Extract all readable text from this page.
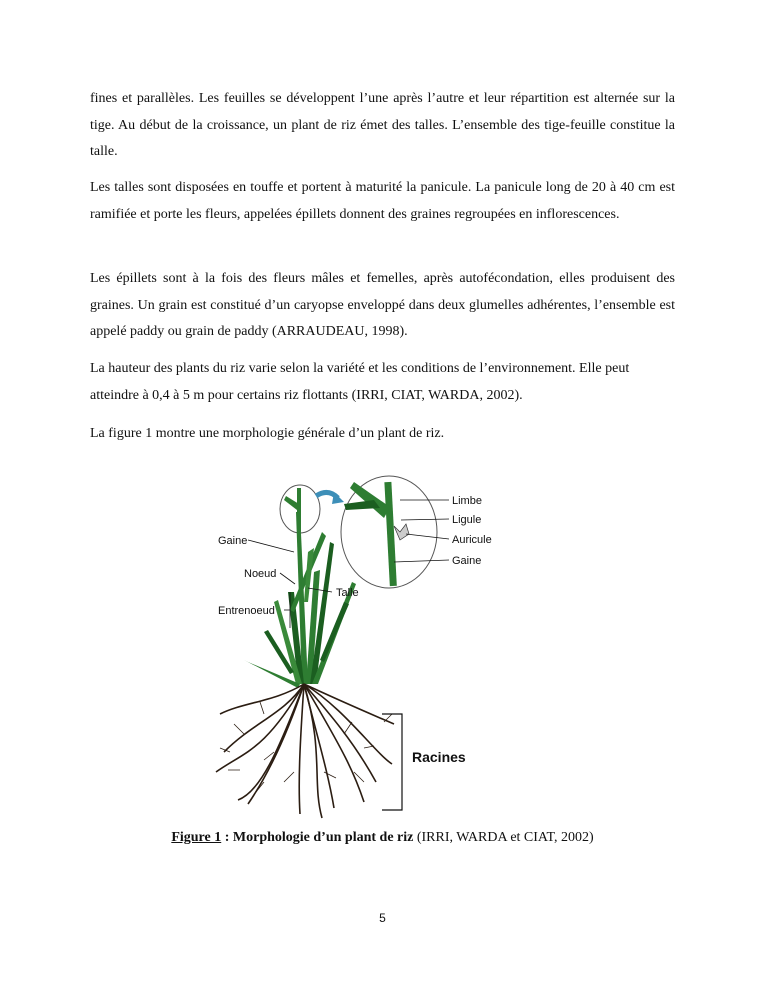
fines et parallèles. Les feuilles se développent l’une après l’autre et leur répartition est alternée sur la tige. Au début de la croissance, un plant de riz émet des talles. L’ensemble des tige-feuille constitue la talle.

Les talles sont disposées en touffe et portent à maturité la panicule. La panicule long de 20 à 40 cm est ramifiée et porte les fleurs, appelées épillets donnent des graines regroupées en inflorescences.

Les épillets sont à la fois des fleurs mâles et femelles, après autofécondation, elles produisent des graines. Un grain est constitué d’un caryopse enveloppé dans deux glumelles adhérentes, l’ensemble est appelé paddy ou grain de paddy (ARRAUDEAU, 1998).

La hauteur des plants du riz varie selon la variété et les conditions de l’environnement. Elle peut atteindre à 0,4 à 5 m pour certains riz flottants (IRRI, CIAT, WARDA, 2002).

La figure 1 montre une morphologie générale d’un plant de riz.

Limbe
Ligule
Auricule
Gaine
Gaine
Noeud
Talle
Entrenoeud
Racines
Figure 1 : Morphologie d’un plant de riz (IRRI, WARDA et CIAT, 2002)
5
